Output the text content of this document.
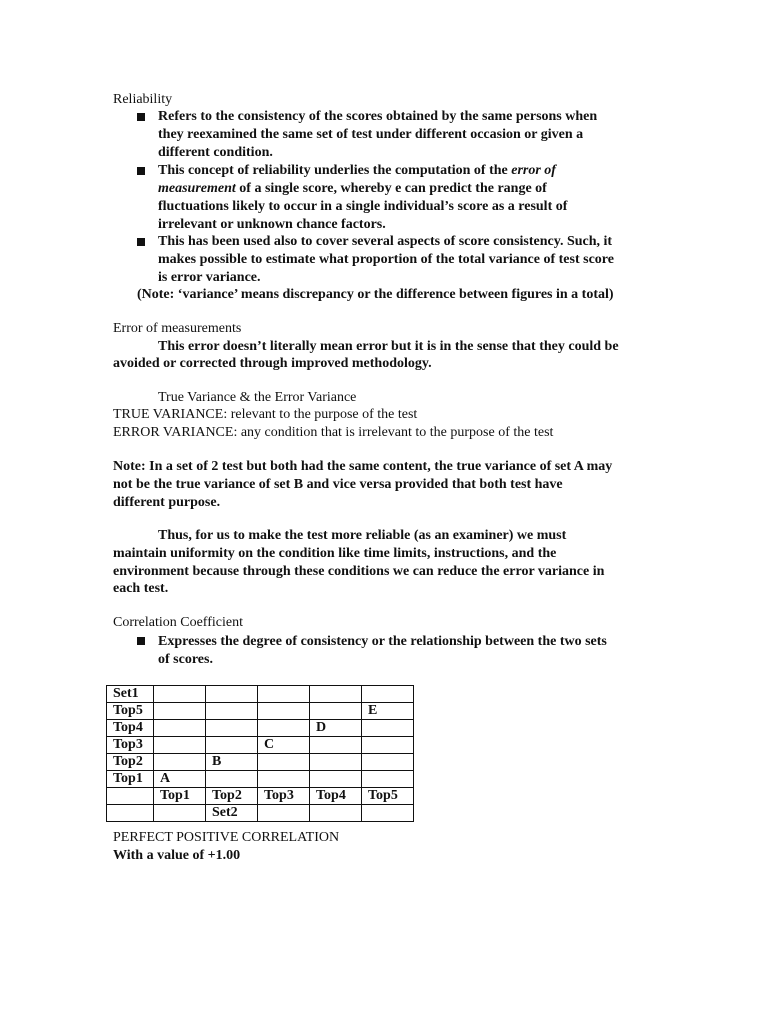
Reliability
Refers to the consistency of the scores obtained by the same persons when
they reexamined the same set of test under different occasion or given a
different condition.
This concept of reliability underlies the computation of the error of
measurement of a single score, whereby e can predict the range of
fluctuations likely to occur in a single individual’s score as a result of
irrelevant or unknown chance factors.
This has been used also to cover several aspects of score consistency. Such, it
makes possible to estimate what proportion of the total variance of test score
is error variance.
(Note: ‘variance’ means discrepancy or the difference between figures in a total)
Error of measurements
This error doesn’t literally mean error but it is in the sense that they could be
avoided or corrected through improved methodology.
True Variance & the Error Variance
TRUE VARIANCE: relevant to the purpose of the test
ERROR VARIANCE: any condition that is irrelevant to the purpose of the test
Note: In a set of 2 test but both had the same content, the true variance of set A may
not be the true variance of set B and vice versa provided that both test have
different purpose.
Thus, for us to make the test more reliable (as an examiner) we must
maintain uniformity on the condition like time limits, instructions, and the
environment because through these conditions we can reduce the error variance in
each test.
Correlation Coefficient
Expresses the degree of consistency or the relationship between the two sets
of scores.
Set1					
Top5					E
Top4				D	
Top3			C		
Top2		B			
Top1	A				
	Top1	Top2	Top3	Top4	Top5
		Set2			
PERFECT POSITIVE CORRELATION
With a value of +1.00
